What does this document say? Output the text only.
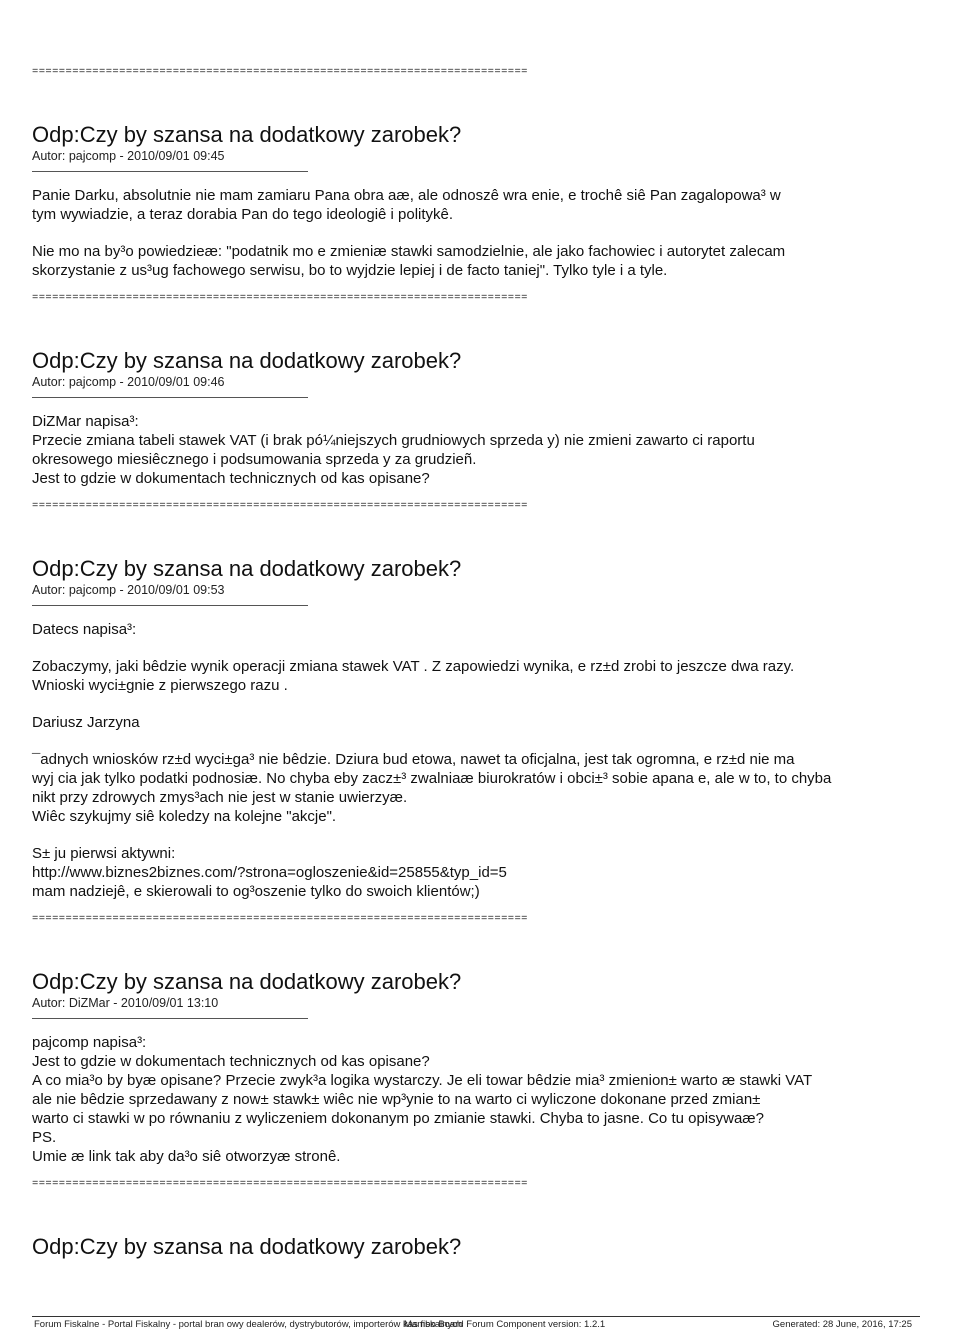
==========================================================================
Odp:Czy by szansa na dodatkowy zarobek?
Autor: pajcomp - 2010/09/01 09:45

Panie Darku, absolutnie nie mam zamiaru Pana obra aæ, ale odnoszê wra enie, e trochê siê Pan zagalopowa³ w

tym wywiadzie, a teraz dorabia Pan do tego ideologiê i politykê.

Nie mo na by³o powiedzieæ: "podatnik mo e zmieniæ stawki samodzielnie, ale jako fachowiec i autorytet zalecam

skorzystanie z us³ug fachowego serwisu, bo to wyjdzie lepiej i de facto taniej". Tylko tyle i a tyle.

==========================================================================
Odp:Czy by szansa na dodatkowy zarobek?
Autor: pajcomp - 2010/09/01 09:46

DiZMar napisa³:

Przecie zmiana tabeli stawek VAT (i brak pó¼niejszych grudniowych sprzeda y) nie zmieni zawarto ci raportu

okresowego miesiêcznego i podsumowania sprzeda y za grudzieñ.

Jest to gdzie w dokumentach technicznych od kas opisane?

==========================================================================
Odp:Czy by szansa na dodatkowy zarobek?
Autor: pajcomp - 2010/09/01 09:53

Datecs napisa³:

Zobaczymy, jaki bêdzie wynik operacji zmiana stawek VAT . Z zapowiedzi wynika, e rz±d zrobi to jeszcze dwa razy.

Wnioski wyci±gnie z pierwszego razu .

Dariusz Jarzyna

¯adnych wniosków rz±d wyci±ga³ nie bêdzie. Dziura bud etowa, nawet ta oficjalna, jest tak ogromna, e rz±d nie ma

wyj cia jak tylko podatki podnosiæ. No chyba eby zacz±³ zwalniaæ biurokratów i obci±³ sobie apana e, ale w to, to chyba

nikt przy zdrowych zmys³ach nie jest w stanie uwierzyæ.

Wiêc szykujmy siê koledzy na kolejne "akcje".

S± ju pierwsi aktywni:

http://www.biznes2biznes.com/?strona=ogloszenie&id=25855&typ_id=5

mam nadziejê, e skierowali to og³oszenie tylko do swoich klientów;)

==========================================================================
Odp:Czy by szansa na dodatkowy zarobek?
Autor: DiZMar - 2010/09/01 13:10

pajcomp napisa³:

Jest to gdzie w dokumentach technicznych od kas opisane?

A co mia³o by byæ opisane? Przecie zwyk³a logika wystarczy. Je eli towar bêdzie mia³ zmienion± warto æ stawki VAT

ale nie bêdzie sprzedawany z now± stawk± wiêc nie wp³ynie to na warto ci wyliczone dokonane przed zmian±

warto ci stawki w po równaniu z wyliczeniem dokonanym po zmianie stawki. Chyba to jasne. Co tu opisywaæ?

PS.

Umie æ link tak aby da³o siê otworzyæ stronê.

==========================================================================
Odp:Czy by szansa na dodatkowy zarobek?
Forum Fiskalne - Portal Fiskalny - portal bran owy dealerów, dystrybutorów, importerów kas fiskalnych
Mambo Board Forum Component version: 1.2.1	Generated: 28 June, 2016, 17:25
